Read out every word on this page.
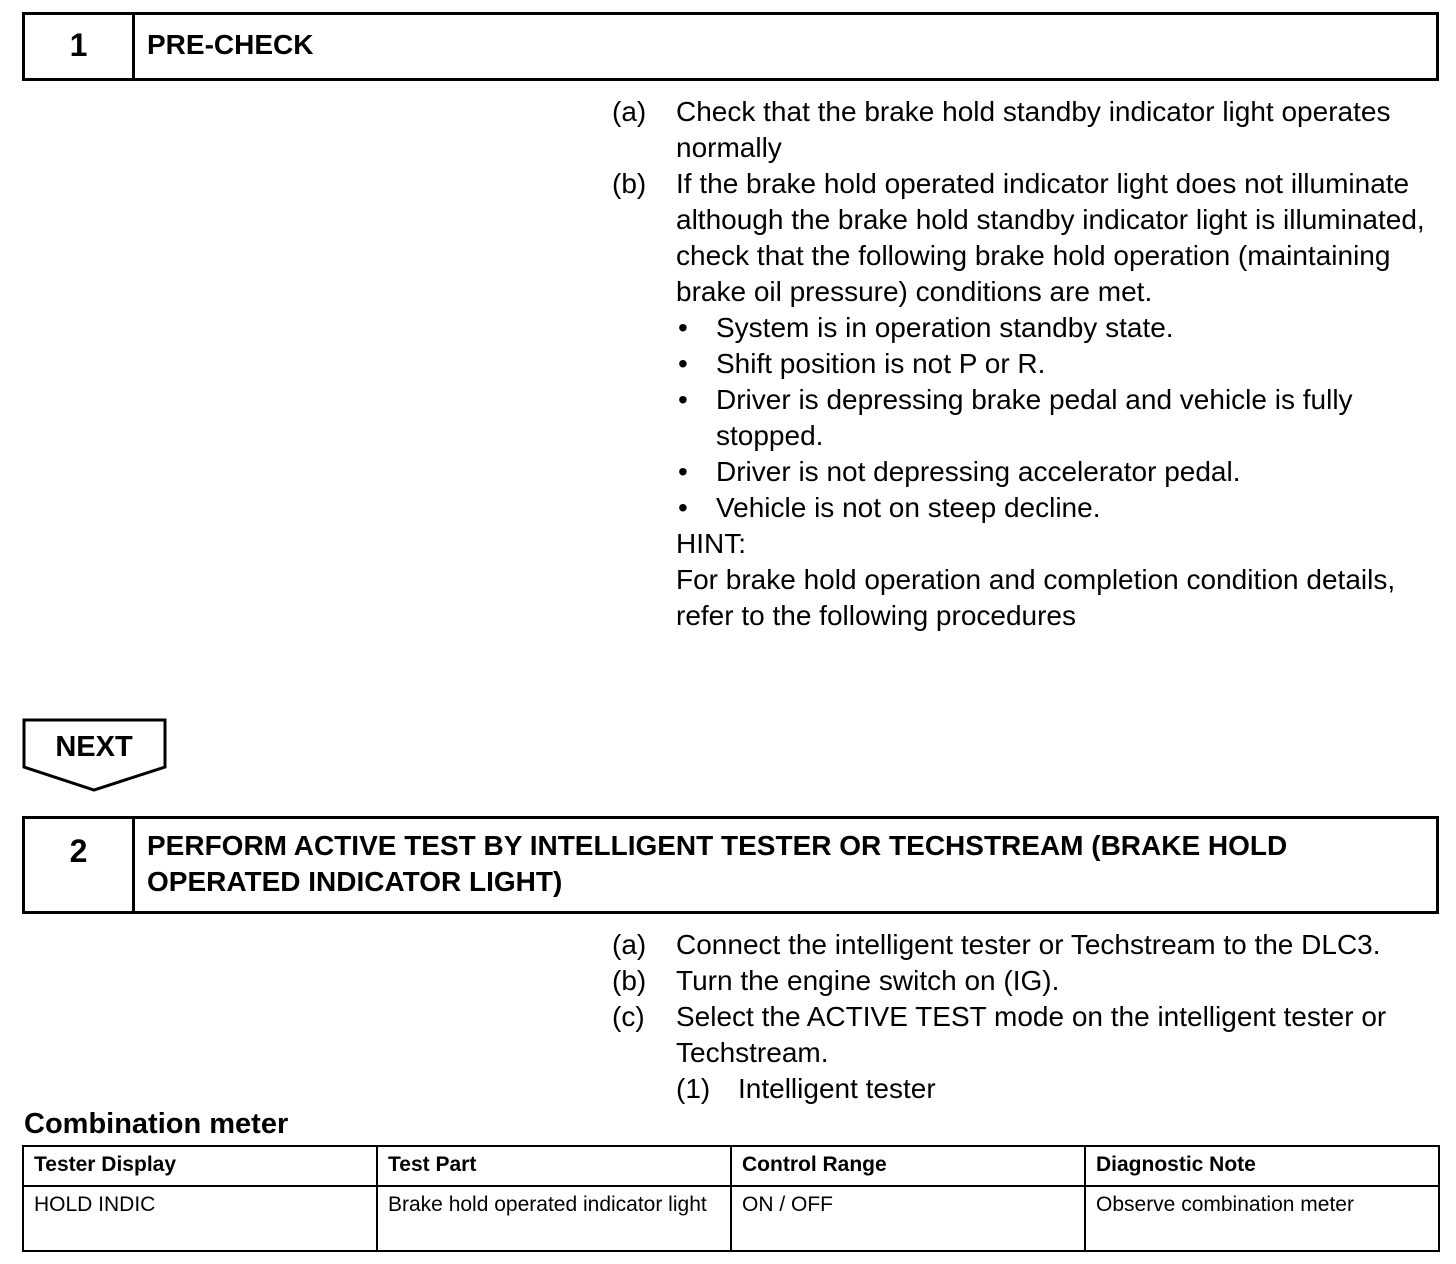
1	PRE-CHECK
(a)	Check that the brake hold standby indicator light operates normally
(b)	If the brake hold operated indicator light does not illuminate although the brake hold standby indicator light is illuminated, check that the following brake hold operation (maintaining brake oil pressure) conditions are met.
•	System is in operation standby state.
•	Shift position is not P or R.
•	Driver is depressing brake pedal and vehicle is fully stopped.
•	Driver is not depressing accelerator pedal.
•	Vehicle is not on steep decline.
HINT:
For brake hold operation and completion condition details, refer to the following procedures
NEXT
2	PERFORM ACTIVE TEST BY INTELLIGENT TESTER OR TECHSTREAM (BRAKE HOLD
OPERATED INDICATOR LIGHT)
(a)	Connect the intelligent tester or Techstream to the DLC3.
(b)	Turn the engine switch on (IG).
(c)	Select the ACTIVE TEST mode on the intelligent tester or Techstream.
(1) Intelligent tester
Combination meter
Tester Display	Test Part	Control Range	Diagnostic Note
HOLD INDIC	Brake hold operated indicator light	ON / OFF	Observe combination meter
